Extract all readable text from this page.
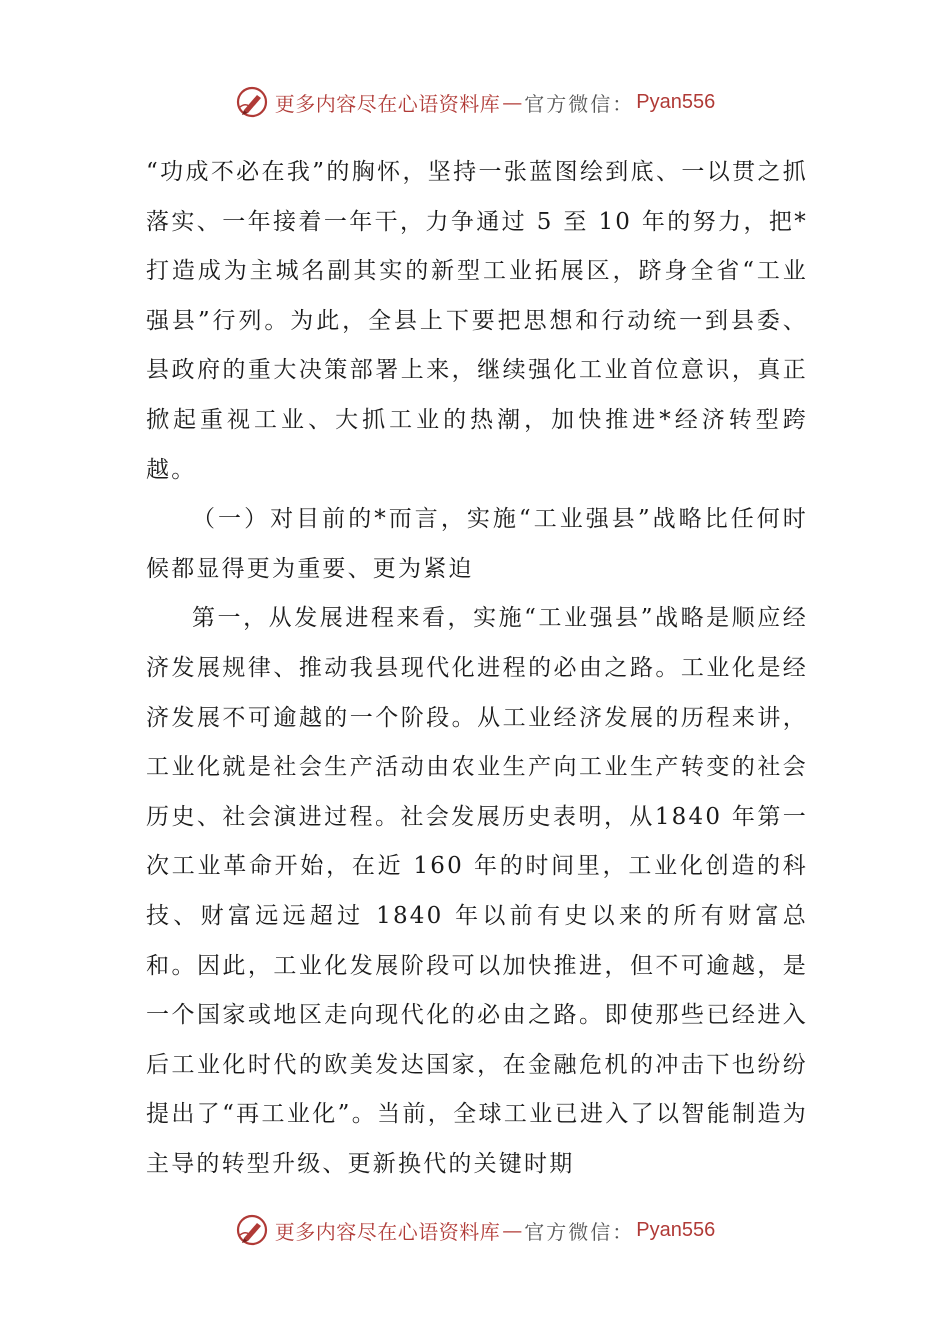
更多内容尽在心语资料库 — 官方微信： Pyan556

“功成不必在我”的胸怀，坚持一张蓝图绘到底、一以贯之抓落实、一年接着一年干，力争通过 5 至 10 年的努力，把*打造成为主城名副其实的新型工业拓展区，跻身全省“工业强县”行列。为此，全县上下要把思想和行动统一到县委、县政府的重大决策部署上来，继续强化工业首位意识，真正掀起重视工业、大抓工业的热潮，加快推进*经济转型跨越。

（一）对目前的*而言，实施“工业强县”战略比任何时候都显得更为重要、更为紧迫

第一，从发展进程来看，实施“工业强县”战略是顺应经济发展规律、推动我县现代化进程的必由之路。工业化是经济发展不可逾越的一个阶段。从工业经济发展的历程来讲，工业化就是社会生产活动由农业生产向工业生产转变的社会历史、社会演进过程。社会发展历史表明，从1840 年第一次工业革命开始，在近 160 年的时间里，工业化创造的科技、财富远远超过 1840 年以前有史以来的所有财富总和。因此，工业化发展阶段可以加快推进，但不可逾越，是一个国家或地区走向现代化的必由之路。即使那些已经进入后工业化时代的欧美发达国家，在金融危机的冲击下也纷纷提出了“再工业化”。当前，全球工业已进入了以智能制造为主导的转型升级、更新换代的关键时期

更多内容尽在心语资料库 — 官方微信： Pyan556
